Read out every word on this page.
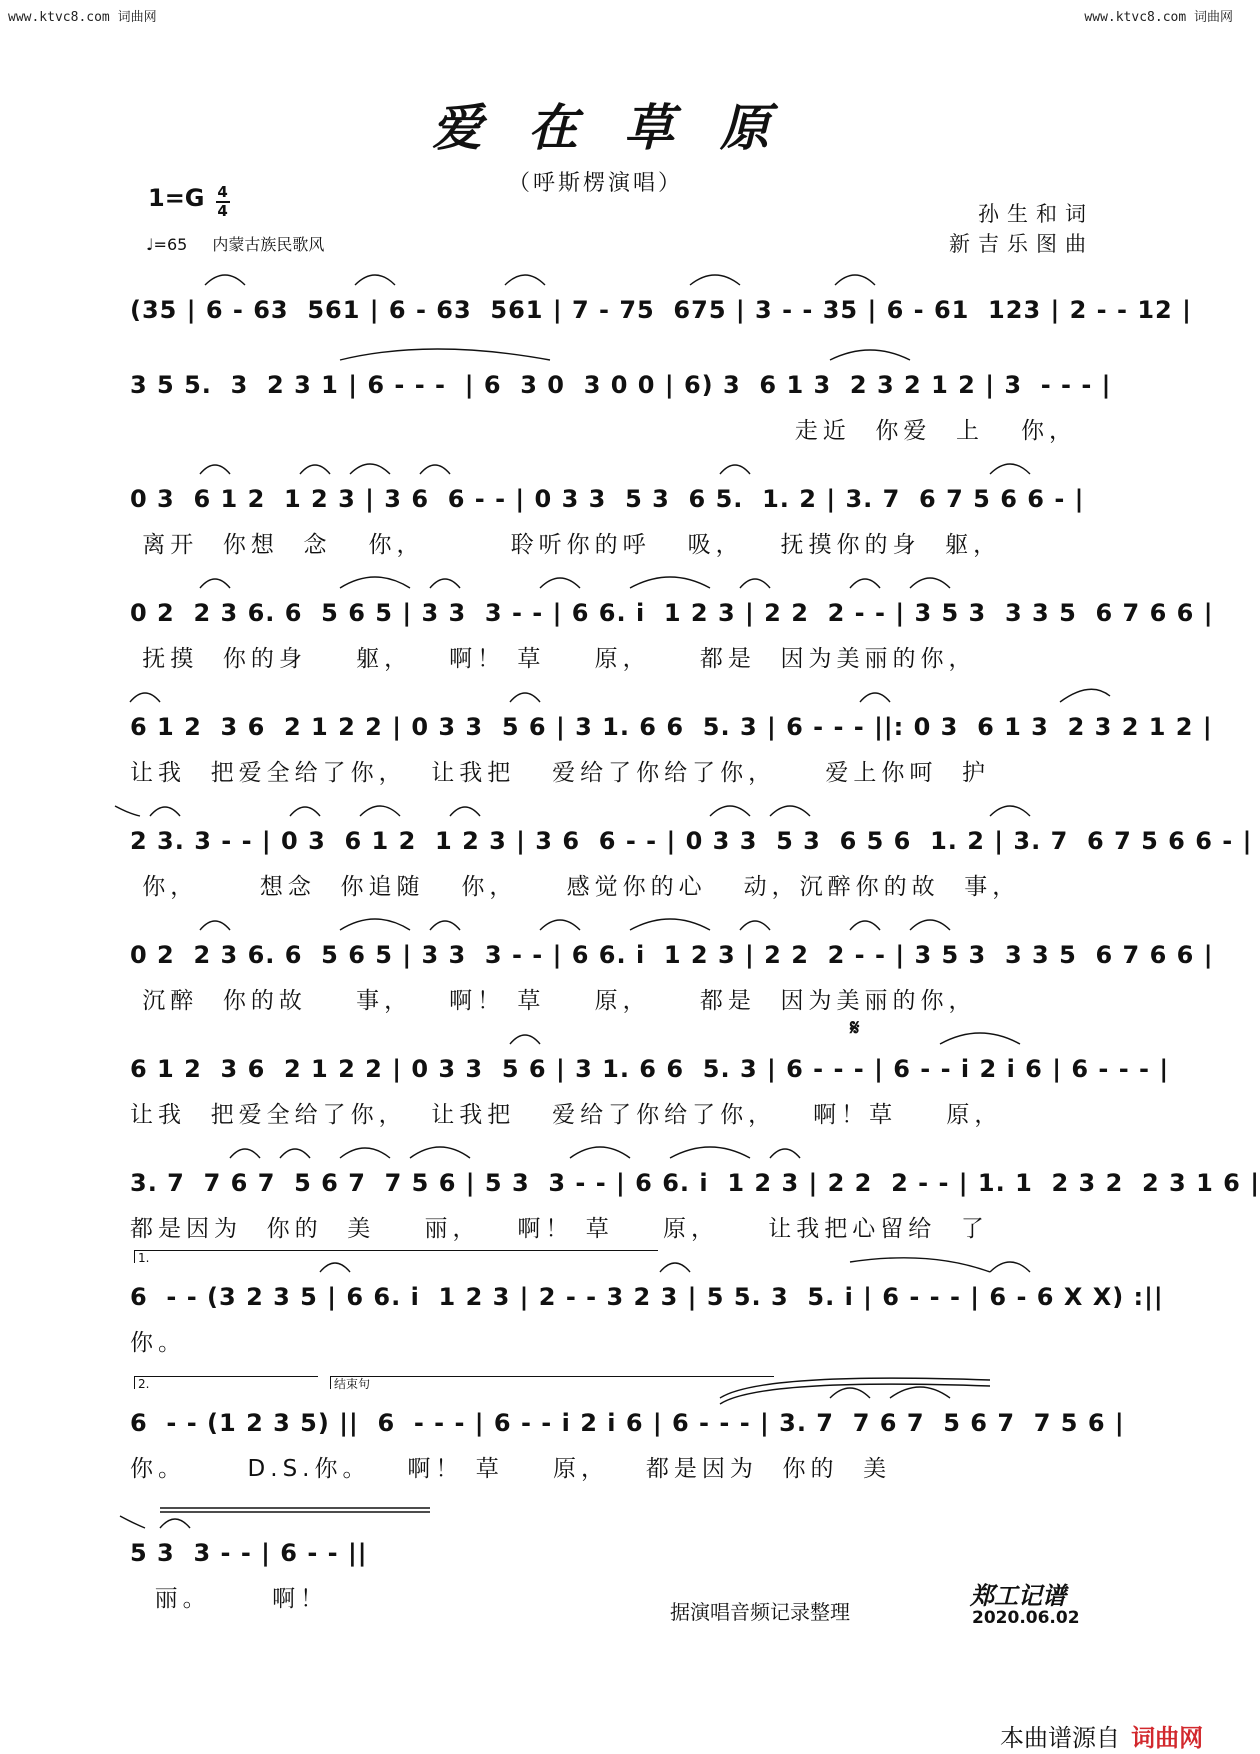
www.ktvc8.com 词曲网	www.ktvc8.com 词曲网
爱在草原
（呼斯楞演唱）
$1=G \frac{4}{4}$
♩=65 内蒙古族民歌风
孙生和词
新吉乐图曲
(35 | 6 - 63  561 | 6 - 63  561 | 7 - 75  675 | 3 - - 35 | 6 - 61  123 | 2 - - 12 |
3 5 5.  3  2 3 1 | 6 - - -  | 6  3 0  3 0 0 | 6) 3  6 1 3  2 3 2 1 2 | 3  - - - |
走近  你爱  上   你，
0 3  6 1 2  1 2 3 | 3 6  6 - - | 0 3 3  5 3  6 5.  1. 2 | 3. 7  6 7 5 6 6 - |
离开  你想  念   你，       聆听你的呼   吸，   抚摸你的身  躯，
0 2  2 3 6. 6  5 6 5 | 3 3  3 - - | 6 6. i  1 2 3 | 2 2  2 - - | 3 5 3  3 3 5  6 7 6 6 |
抚摸  你的身    躯，   啊！ 草    原，    都是  因为美丽的你，
6 1 2  3 6  2 1 2 2 | 0 3 3  5 6 | 3 1. 6 6  5. 3 | 6 - - - ||: 0 3  6 1 3  2 3 2 1 2 |
让我  把爱全给了你，  让我把   爱给了你给了你，    爱上你呵  护
2 3. 3 - - | 0 3  6 1 2  1 2 3 | 3 6  6 - - | 0 3 3  5 3  6 5 6  1. 2 | 3. 7  6 7 5 6 6 - |
你，     想念  你追随   你，    感觉你的心   动，沉醉你的故  事，
0 2  2 3 6. 6  5 6 5 | 3 3  3 - - | 6 6. i  1 2 3 | 2 2  2 - - | 3 5 3  3 3 5  6 7 6 6 |
沉醉  你的故    事，   啊！ 草    原，    都是  因为美丽的你，
𝄋
6 1 2  3 6  2 1 2 2 | 0 3 3  5 6 | 3 1. 6 6  5. 3 | 6 - - - | 6 - - i 2 i 6 | 6 - - - |
让我  把爱全给了你，  让我把   爱给了你给了你，   啊！草    原，
3. 7  7 6 7  5 6 7  7 5 6 | 5 3  3 - - | 6 6. i  1 2 3 | 2 2  2 - - | 1. 1  2 3 2  2 3 1 6 |
都是因为  你的  美    丽，   啊！ 草    原，    让我把心留给  了
1.
6  - - (3 2 3 5 | 6 6. i  1 2 3 | 2 - - 3 2 3 | 5 5. 3  5. i | 6 - - - | 6 - 6 X X) :||
你。
2.	结束句
6  - - (1 2 3 5) ||  6  - - - | 6 - - i 2 i 6 | 6 - - - | 3. 7  7 6 7  5 6 7  7 5 6 |
你。     D.S.你。   啊！ 草    原，   都是因为  你的  美
5 3  3 - - | 6 - - ||
丽。     啊！	据演唱音频记录整理
郑工记谱
2020.06.02
本曲谱源自 词曲网
